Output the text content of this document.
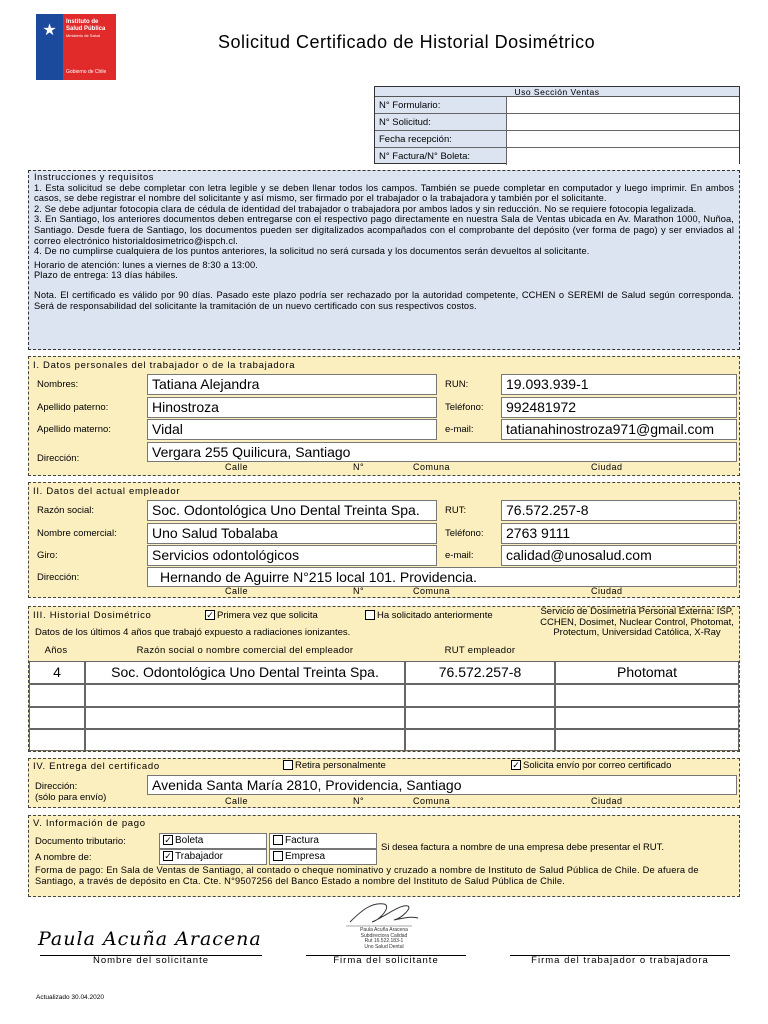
★	Instituto de Salud Pública
Ministerio de Salud
Gobierno de Chile
Solicitud Certificado de Historial Dosimétrico
Uso Sección Ventas
N° Formulario:
N° Solicitud:
Fecha recepción:
N° Factura/N° Boleta:

Instrucciones y requisitos

1. Esta solicitud se debe completar con letra legible y se deben llenar todos los campos. También se puede completar en computador y luego imprimir. En ambos casos, se debe registrar el nombre del solicitante y así mismo, ser firmado por el trabajador o la trabajadora y también por el solicitante.

2. Se debe adjuntar fotocopia clara de cédula de identidad del trabajador o trabajadora por ambos lados y sin reducción. No se requiere fotocopia legalizada.

3. En Santiago, los anteriores documentos deben entregarse con el respectivo pago directamente en nuestra Sala de Ventas ubicada en Av. Marathon 1000, Nuñoa, Santiago. Desde fuera de Santiago, los documentos pueden ser digitalizados acompañados con el comprobante del depósito (ver forma de pago) y ser enviados al correo electrónico historialdosimetrico@ispch.cl.

4. De no cumplirse cualquiera de los puntos anteriores, la solicitud no será cursada y los documentos serán devueltos al solicitante.

Horario de atención: lunes a viernes de 8:30 a 13:00.

Plazo de entrega: 13 días hábiles.

Nota. El certificado es válido por 90 días. Pasado este plazo podría ser rechazado por la autoridad competente, CCHEN o SEREMI de Salud según corresponda. Será de responsabilidad del solicitante la tramitación de un nuevo certificado con sus respectivos costos.

I. Datos personales del trabajador o de la trabajadora
Nombres:	Tatiana Alejandra	RUN:	19.093.939-1
Apellido paterno:	Hinostroza	Teléfono:	992481972
Apellido materno:	Vidal	e-mail:	tatianahinostroza971@gmail.com
Dirección:	Vergara 255 Quilicura, Santiago
Calle	N°	Comuna	Ciudad
II. Datos del actual empleador
Razón social:	Soc. Odontológica Uno Dental Treinta Spa.	RUT:	76.572.257-8
Nombre comercial:	Uno Salud Tobalaba	Teléfono:	2763 9111
Giro:	Servicios odontológicos	e-mail:	calidad@unosalud.com
Dirección:	Hernando de Aguirre N°215 local 101. Providencia.
Calle	N°	Comuna	Ciudad
III. Historial Dosimétrico	✓ Primera vez que solicita	Ha solicitado anteriormente	Servicio de Dosimetría Personal Externa: ISP, CCHEN, Dosimet, Nuclear Control, Photomat, Protectum, Universidad Católica, X-Ray
Datos de los últimos 4 años que trabajó expuesto a radiaciones ionizantes.
Años	Razón social o nombre comercial del empleador	RUT empleador
4	Soc. Odontológica Uno Dental Treinta Spa.	76.572.257-8	Photomat
IV. Entrega del certificado	Retira personalmente	✓ Solicita envío por correo certificado
Dirección:
(sólo para envío)
Avenida Santa María 2810, Providencia, Santiago
Calle	N°	Comuna	Ciudad
V. Información de pago
Documento tributario:	✓ Boleta	Factura
A nombre de:	✓ Trabajador	Empresa
Si desea factura a nombre de una empresa debe presentar el RUT.
Forma de pago: En Sala de Ventas de Santiago, al contado o cheque nominativo y cruzado a nombre de Instituto de Salud Pública de Chile. De afuera de Santiago, a través de depósito en Cta. Cte. N°9507256 del Banco Estado a nombre del Instituto de Salud Pública de Chile.
Paula Acuña Aracena	Paula Acuña Aracena
Subdirectora Calidad
Rut 16.522.183-1
Uno Salud Dental
Nombre del solicitante	Firma del solicitante	Firma del trabajador o trabajadora
Actualizado 30.04.2020
